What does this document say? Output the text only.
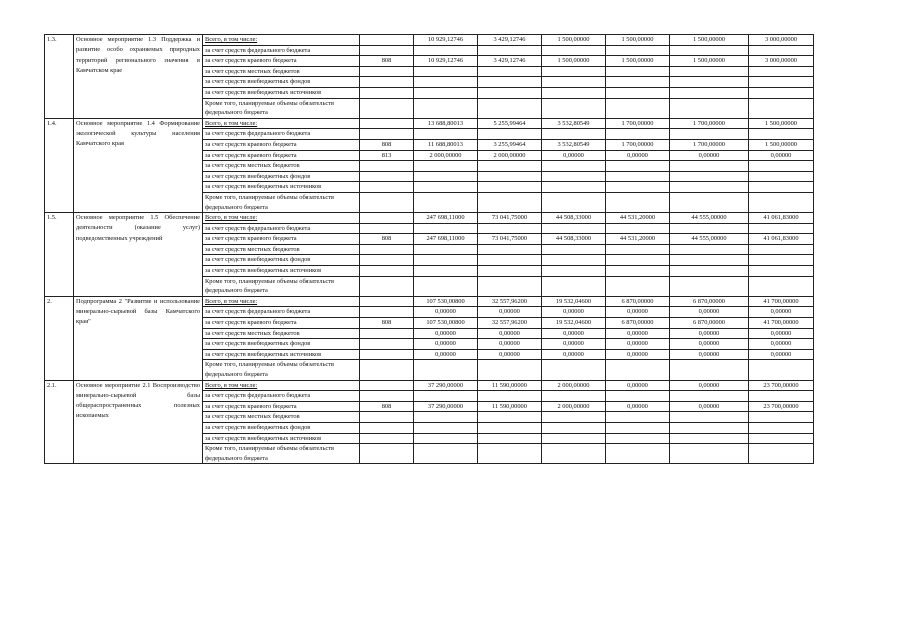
1.3.	Основное мероприятие 1.3 Поддержка и развитие особо охраняемых природных территорий регионального значения в Камчатском крае	Всего, в том числе:		10 929,12746	3 429,12746	1 500,00000	1 500,00000	1 500,00000	3 000,00000
		за счет средств федерального бюджета							
		за счет средств краевого бюджета	808	10 929,12746	3 429,12746	1 500,00000	1 500,00000	1 500,00000	3 000,00000
		за счет средств местных бюджетов							
		за счет средств внебюджетных фондов							
		за счет средств внебюджетных источников							
		Кроме того, планируемые объемы обязательств федерального бюджета							
1.4.	Основное мероприятие 1.4 Формирование экологической культуры населения Камчатского края	Всего, в том числе:		13 688,80013	5 255,99464	3 532,80549	1 700,00000	1 700,00000	1 500,00000
		за счет средств федерального бюджета							
		за счет средств краевого бюджета	808	11 688,80013	3 255,99464	3 532,80549	1 700,00000	1 700,00000	1 500,00000
		за счет средств краевого бюджета	813	2 000,00000	2 000,00000	0,00000	0,00000	0,00000	0,00000
		за счет средств местных бюджетов							
		за счет средств внебюджетных фондов							
		за счет средств внебюджетных источников							
		Кроме того, планируемые объемы обязательств федерального бюджета							
1.5.	Основное мероприятие 1.5 Обеспечение деятельности (оказание услуг) подведомственных учреждений	Всего, в том числе:		247 698,11000	73 041,75000	44 508,33000	44 531,20000	44 555,00000	41 061,83000
		за счет средств федерального бюджета							
		за счет средств краевого бюджета	808	247 698,11000	73 041,75000	44 508,33000	44 531,20000	44 555,00000	41 061,83000
		за счет средств местных бюджетов							
		за счет средств внебюджетных фондов							
		за счет средств внебюджетных источников							
		Кроме того, планируемые объемы обязательств федерального бюджета							
2.	Подпрограмма 2 "Развитие и использование минерально-сырьевой базы Камчатского края"	Всего, в том числе:		107 530,00800	32 557,96200	19 532,04600	6 870,00000	6 870,00000	41 700,00000
		за счет средств федерального бюджета		0,00000	0,00000	0,00000	0,00000	0,00000	0,00000
		за счет средств краевого бюджета	808	107 530,00800	32 557,96200	19 532,04600	6 870,00000	6 870,00000	41 700,00000
		за счет средств местных бюджетов		0,00000	0,00000	0,00000	0,00000	0,00000	0,00000
		за счет средств внебюджетных фондов		0,00000	0,00000	0,00000	0,00000	0,00000	0,00000
		за счет средств внебюджетных источников		0,00000	0,00000	0,00000	0,00000	0,00000	0,00000
		Кроме того, планируемые объемы обязательств федерального бюджета							
2.1.	Основное мероприятие 2.1 Воспроизводство минерально-сырьевой базы общераспространенных полезных ископаемых	Всего, в том числе:		37 290,00000	11 590,00000	2 000,00000	0,00000	0,00000	23 700,00000
		за счет средств федерального бюджета							
		за счет средств краевого бюджета	808	37 290,00000	11 590,00000	2 000,00000	0,00000	0,00000	23 700,00000
		за счет средств местных бюджетов							
		за счет средств внебюджетных фондов							
		за счет средств внебюджетных источников							
		Кроме того, планируемые объемы обязательств федерального бюджета							
